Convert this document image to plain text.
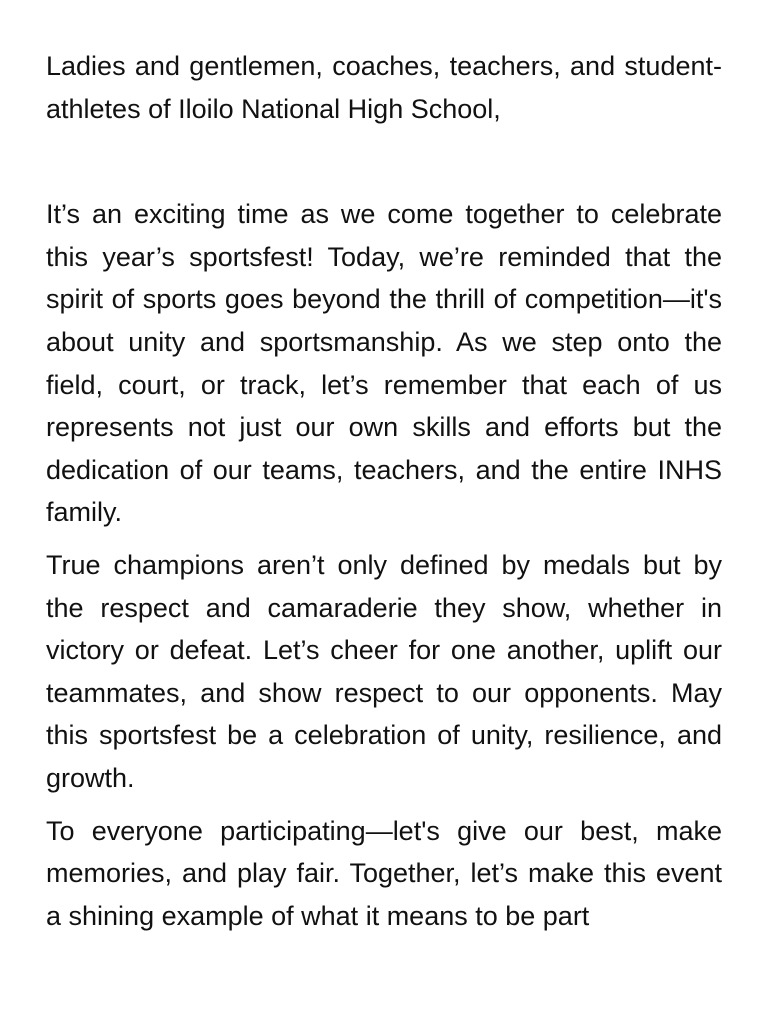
Ladies and gentlemen, coaches, teachers, and student-athletes of Iloilo National High School,

It’s an exciting time as we come together to celebrate this year’s sportsfest! Today, we’re reminded that the spirit of sports goes beyond the thrill of competition—it's about unity and sportsmanship. As we step onto the field, court, or track, let’s remember that each of us represents not just our own skills and efforts but the dedication of our teams, teachers, and the entire INHS family.

True champions aren’t only defined by medals but by the respect and camaraderie they show, whether in victory or defeat. Let’s cheer for one another, uplift our teammates, and show respect to our opponents. May this sportsfest be a celebration of unity, resilience, and growth.

To everyone participating—let's give our best, make memories, and play fair. Together, let’s make this event a shining example of what it means to be part
